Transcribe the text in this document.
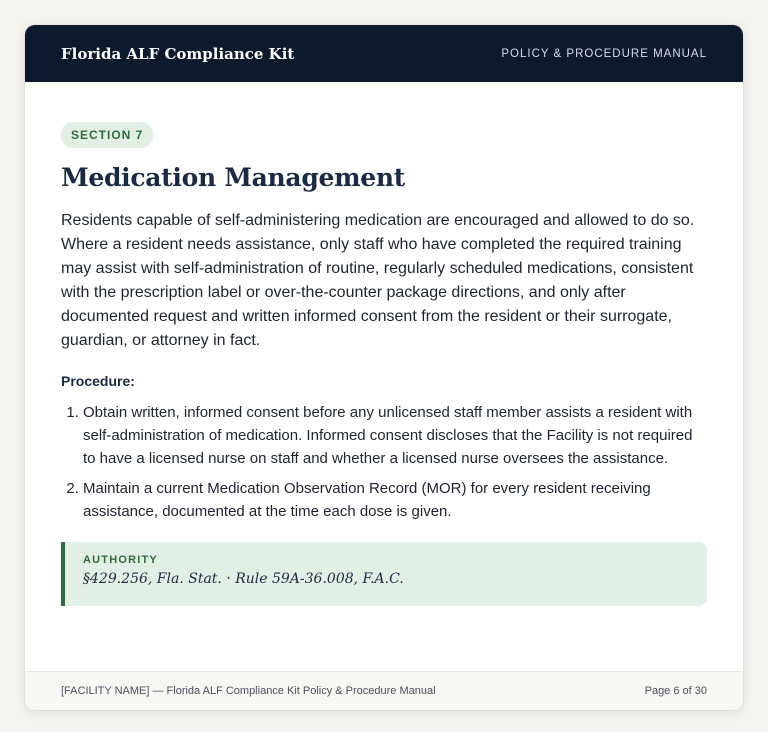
Florida ALF Compliance Kit	POLICY & PROCEDURE MANUAL
SECTION 7
Medication Management

Residents capable of self-administering medication are encouraged and allowed to do so. Where a resident needs assistance, only staff who have completed the required training may assist with self-administration of routine, regularly scheduled medications, consistent with the prescription label or over-the-counter package directions, and only after documented request and written informed consent from the resident or their surrogate, guardian, or attorney in fact.

Procedure:
1. Obtain written, informed consent before any unlicensed staff member assists a resident with self-administration of medication. Informed consent discloses that the Facility is not required to have a licensed nurse on staff and whether a licensed nurse oversees the assistance.
2. Maintain a current Medication Observation Record (MOR) for every resident receiving assistance, documented at the time each dose is given.
AUTHORITY
§429.256, Fla. Stat. · Rule 59A-36.008, F.A.C.
[FACILITY NAME] — Florida ALF Compliance Kit Policy & Procedure Manual	Page 6 of 30
